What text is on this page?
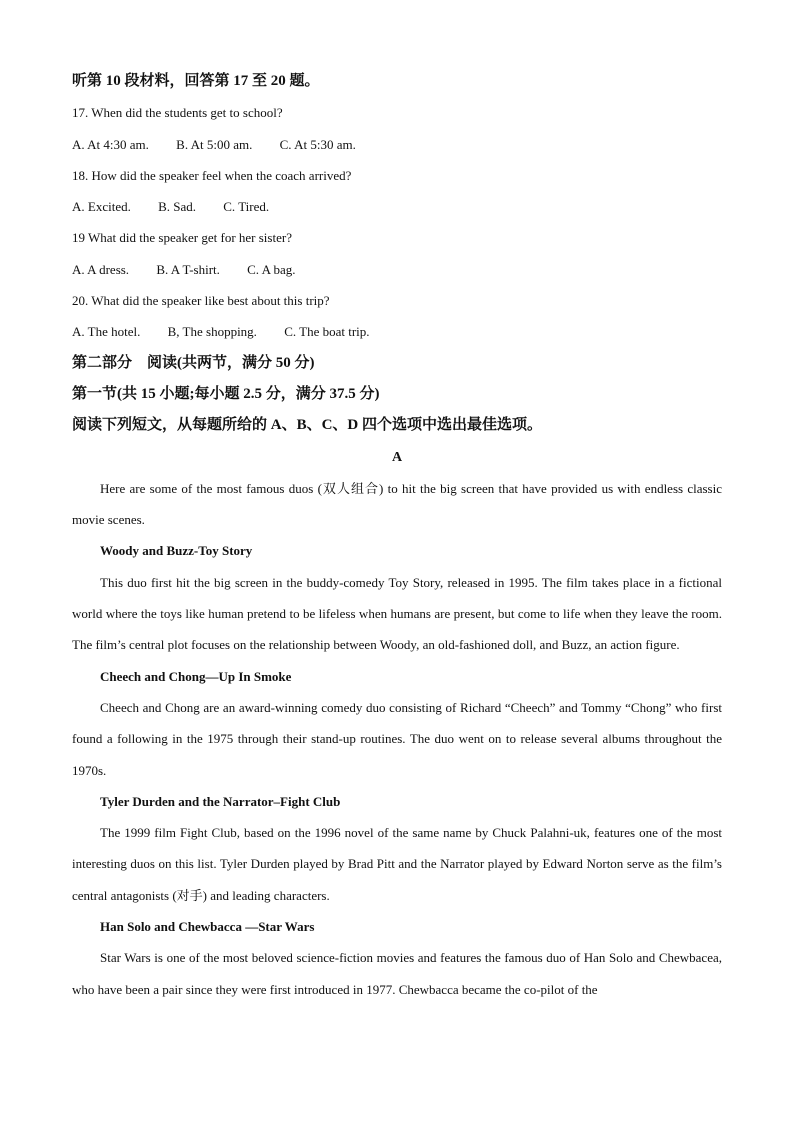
听第 10 段材料，回答第 17 至 20 题。
17. When did the students get to school?
A. At 4:30 am. B. At 5:00 am. C. At 5:30 am.
18. How did the speaker feel when the coach arrived?
A. Excited. B. Sad. C. Tired.
19 What did the speaker get for her sister?
A. A dress. B. A T-shirt. C. A bag.
20. What did the speaker like best about this trip?
A. The hotel. B, The shopping. C. The boat trip.
第二部分　阅读(共两节，满分 50 分)
第一节(共 15 小题;每小题 2.5 分，满分 37.5 分)
阅读下列短文，从每题所给的 A、B、C、D 四个选项中选出最佳选项。
A
Here are some of the most famous duos (双人组合) to hit the big screen that have provided us with endless classic movie scenes.
Woody and Buzz-Toy Story
This duo first hit the big screen in the buddy-comedy Toy Story, released in 1995. The film takes place in a fictional world where the toys like human pretend to be lifeless when humans are present, but come to life when they leave the room. The film’s central plot focuses on the relationship between Woody, an old-fashioned doll, and Buzz, an action figure.
Cheech and Chong—Up In Smoke
Cheech and Chong are an award-winning comedy duo consisting of Richard “Cheech” and Tommy “Chong” who first found a following in the 1975 through their stand-up routines. The duo went on to release several albums throughout the 1970s.
Tyler Durden and the Narrator–Fight Club
The 1999 film Fight Club, based on the 1996 novel of the same name by Chuck Palahni-uk, features one of the most interesting duos on this list. Tyler Durden played by Brad Pitt and the Narrator played by Edward Norton serve as the film’s central antagonists (对手) and leading characters.
Han Solo and Chewbacca —Star Wars
Star Wars is one of the most beloved science-fiction movies and features the famous duo of Han Solo and Chewbacea, who have been a pair since they were first introduced in 1977. Chewbacca became the co-pilot of the
